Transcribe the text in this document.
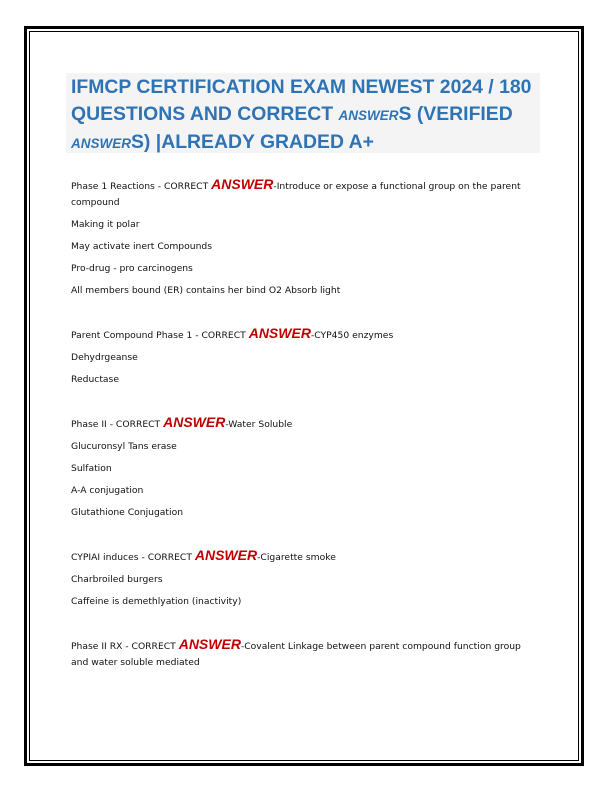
IFMCP CERTIFICATION EXAM NEWEST 2024 / 180 QUESTIONS AND CORRECT ANSWERS (VERIFIED ANSWERS) |ALREADY GRADED A+
Phase 1 Reactions - CORRECT ANSWER-Introduce or expose a functional group on the parent compound
Making it polar
May activate inert Compounds
Pro-drug - pro carcinogens
All members bound (ER) contains her bind O2 Absorb light
Parent Compound Phase 1 - CORRECT ANSWER-CYP450 enzymes
Dehydrgeanse
Reductase
Phase II - CORRECT ANSWER-Water Soluble
Glucuronsyl Tans erase
Sulfation
A-A conjugation
Glutathione Conjugation
CYPIAI induces - CORRECT ANSWER-Cigarette smoke
Charbroiled burgers
Caffeine is demethlyation (inactivity)
Phase II RX - CORRECT ANSWER-Covalent Linkage between parent compound function group and water soluble mediated
